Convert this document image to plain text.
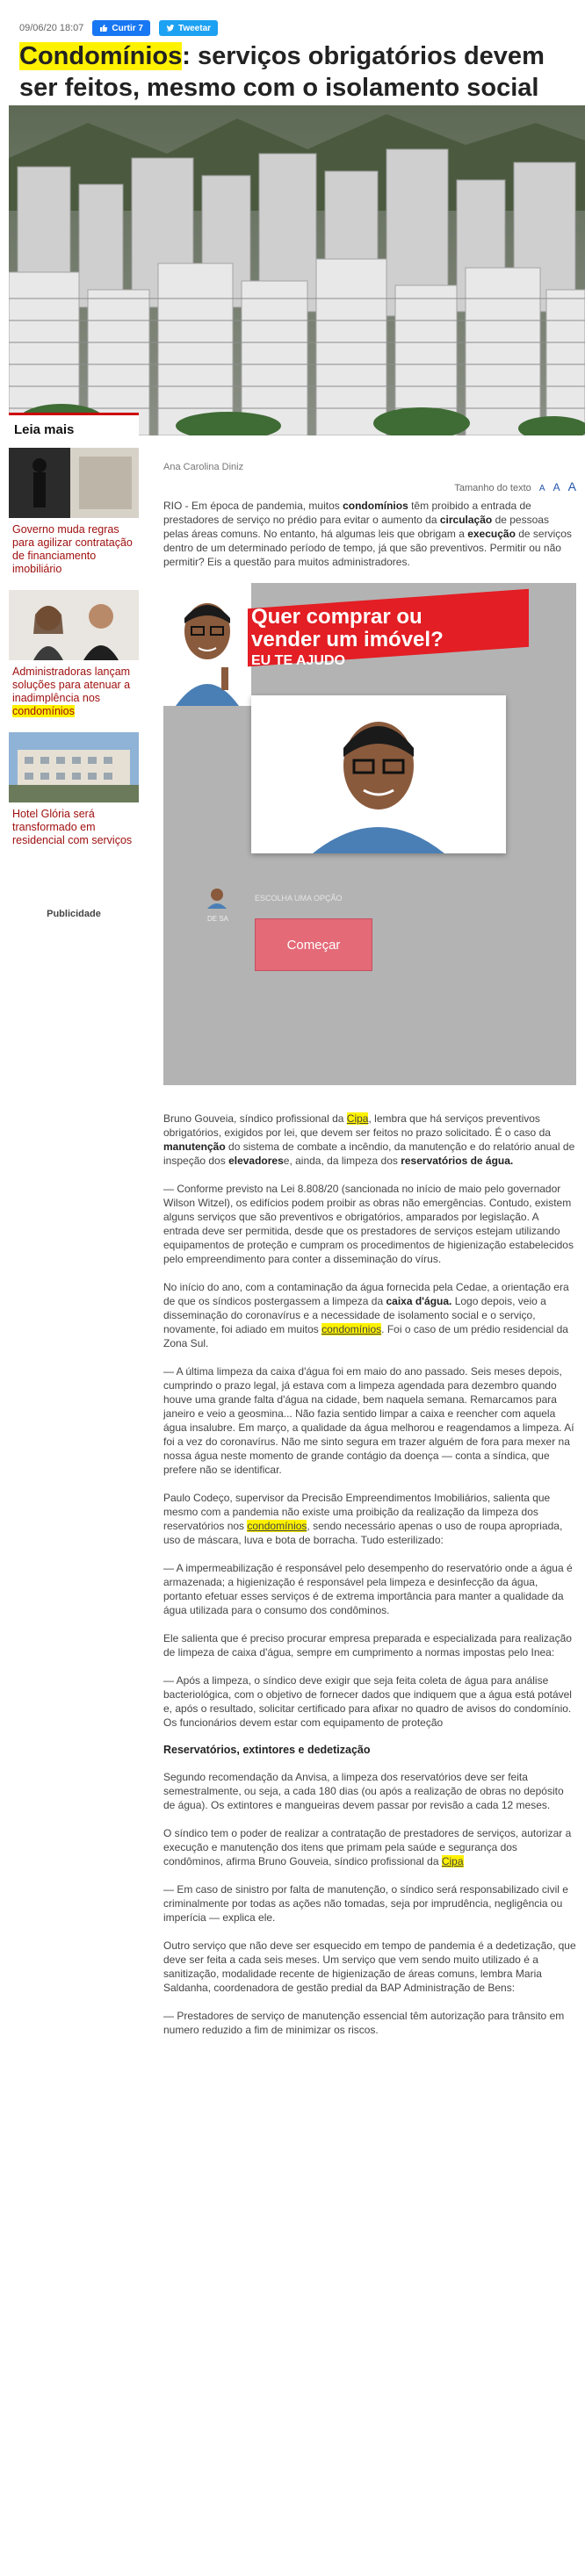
09/06/20 18:07	Curtir 7	Tweetar
Condomínios: serviços obrigatórios devem ser feitos, mesmo com o isolamento social
Leia mais
Governo muda regras para agilizar contratação de financiamento imobiliário
Administradoras lançam soluções para atenuar a inadimplência nos condomínios
Hotel Glória será transformado em residencial com serviços
Publicidade
Ana Carolina Diniz
Tamanho do texto A A A

RIO - Em época de pandemia, muitos condomínios têm proibido a entrada de prestadores de serviço no prédio para evitar o aumento da circulação de pessoas pelas áreas comuns. No entanto, há algumas leis que obrigam a execução de serviços dentro de um determinado período de tempo, já que são preventivos. Permitir ou não permitir? Eis a questão para muitos administradores.

Quer comprar ou
vender um imóvel?
EU TE AJUDO
DE SA
ESCOLHA UMA OPÇÃO
Começar

Bruno Gouveia, síndico profissional da Cipa, lembra que há serviços preventivos obrigatórios, exigidos por lei, que devem ser feitos no prazo solicitado. É o caso da manutenção do sistema de combate a incêndio, da manutenção e do relatório anual de inspeção dos elevadorese, ainda, da limpeza dos reservatórios de água.

— Conforme previsto na Lei 8.808/20 (sancionada no início de maio pelo governador Wilson Witzel), os edifícios podem proibir as obras não emergências. Contudo, existem alguns serviços que são preventivos e obrigatórios, amparados por legislação. A entrada deve ser permitida, desde que os prestadores de serviços estejam utilizando equipamentos de proteção e cumpram os procedimentos de higienização estabelecidos pelo empreendimento para conter a disseminação do vírus.

No início do ano, com a contaminação da água fornecida pela Cedae, a orientação era de que os síndicos postergassem a limpeza da caixa d'água. Logo depois, veio a disseminação do coronavírus e a necessidade de isolamento social e o serviço, novamente, foi adiado em muitos condomínios. Foi o caso de um prédio residencial da Zona Sul.

— A última limpeza da caixa d'água foi em maio do ano passado. Seis meses depois, cumprindo o prazo legal, já estava com a limpeza agendada para dezembro quando houve uma grande falta d'água na cidade, bem naquela semana. Remarcamos para janeiro e veio a geosmina... Não fazia sentido limpar a caixa e reencher com aquela água insalubre. Em março, a qualidade da água melhorou e reagendamos a limpeza. Aí foi a vez do coronavírus. Não me sinto segura em trazer alguém de fora para mexer na nossa água neste momento de grande contágio da doença — conta a síndica, que prefere não se identificar.

Paulo Codeço, supervisor da Precisão Empreendimentos Imobiliários, salienta que mesmo com a pandemia não existe uma proibição da realização da limpeza dos reservatórios nos condomínios, sendo necessário apenas o uso de roupa apropriada, uso de máscara, luva e bota de borracha. Tudo esterilizado:

— A impermeabilização é responsável pelo desempenho do reservatório onde a água é armazenada; a higienização é responsável pela limpeza e desinfecção da água, portanto efetuar esses serviços é de extrema importância para manter a qualidade da água utilizada para o consumo dos condôminos.

Ele salienta que é preciso procurar empresa preparada e especializada para realização de limpeza de caixa d'água, sempre em cumprimento a normas impostas pelo Inea:

— Após a limpeza, o síndico deve exigir que seja feita coleta de água para análise bacteriológica, com o objetivo de fornecer dados que indiquem que a água está potável e, após o resultado, solicitar certificado para afixar no quadro de avisos do condomínio. Os funcionários devem estar com equipamento de proteção

Reservatórios, extintores e dedetização

Segundo recomendação da Anvisa, a limpeza dos reservatórios deve ser feita semestralmente, ou seja, a cada 180 dias (ou após a realização de obras no depósito de água). Os extintores e mangueiras devem passar por revisão a cada 12 meses.

O síndico tem o poder de realizar a contratação de prestadores de serviços, autorizar a execução e manutenção dos itens que primam pela saúde e segurança dos condôminos, afirma Bruno Gouveia, síndico profissional da Cipa

— Em caso de sinistro por falta de manutenção, o síndico será responsabilizado civil e criminalmente por todas as ações não tomadas, seja por imprudência, negligência ou imperícia — explica ele.

Outro serviço que não deve ser esquecido em tempo de pandemia é a dedetização, que deve ser feita a cada seis meses. Um serviço que vem sendo muito utilizado é a sanitização, modalidade recente de higienização de áreas comuns, lembra Maria Saldanha, coordenadora de gestão predial da BAP Administração de Bens:

— Prestadores de serviço de manutenção essencial têm autorização para trânsito em numero reduzido a fim de minimizar os riscos.
